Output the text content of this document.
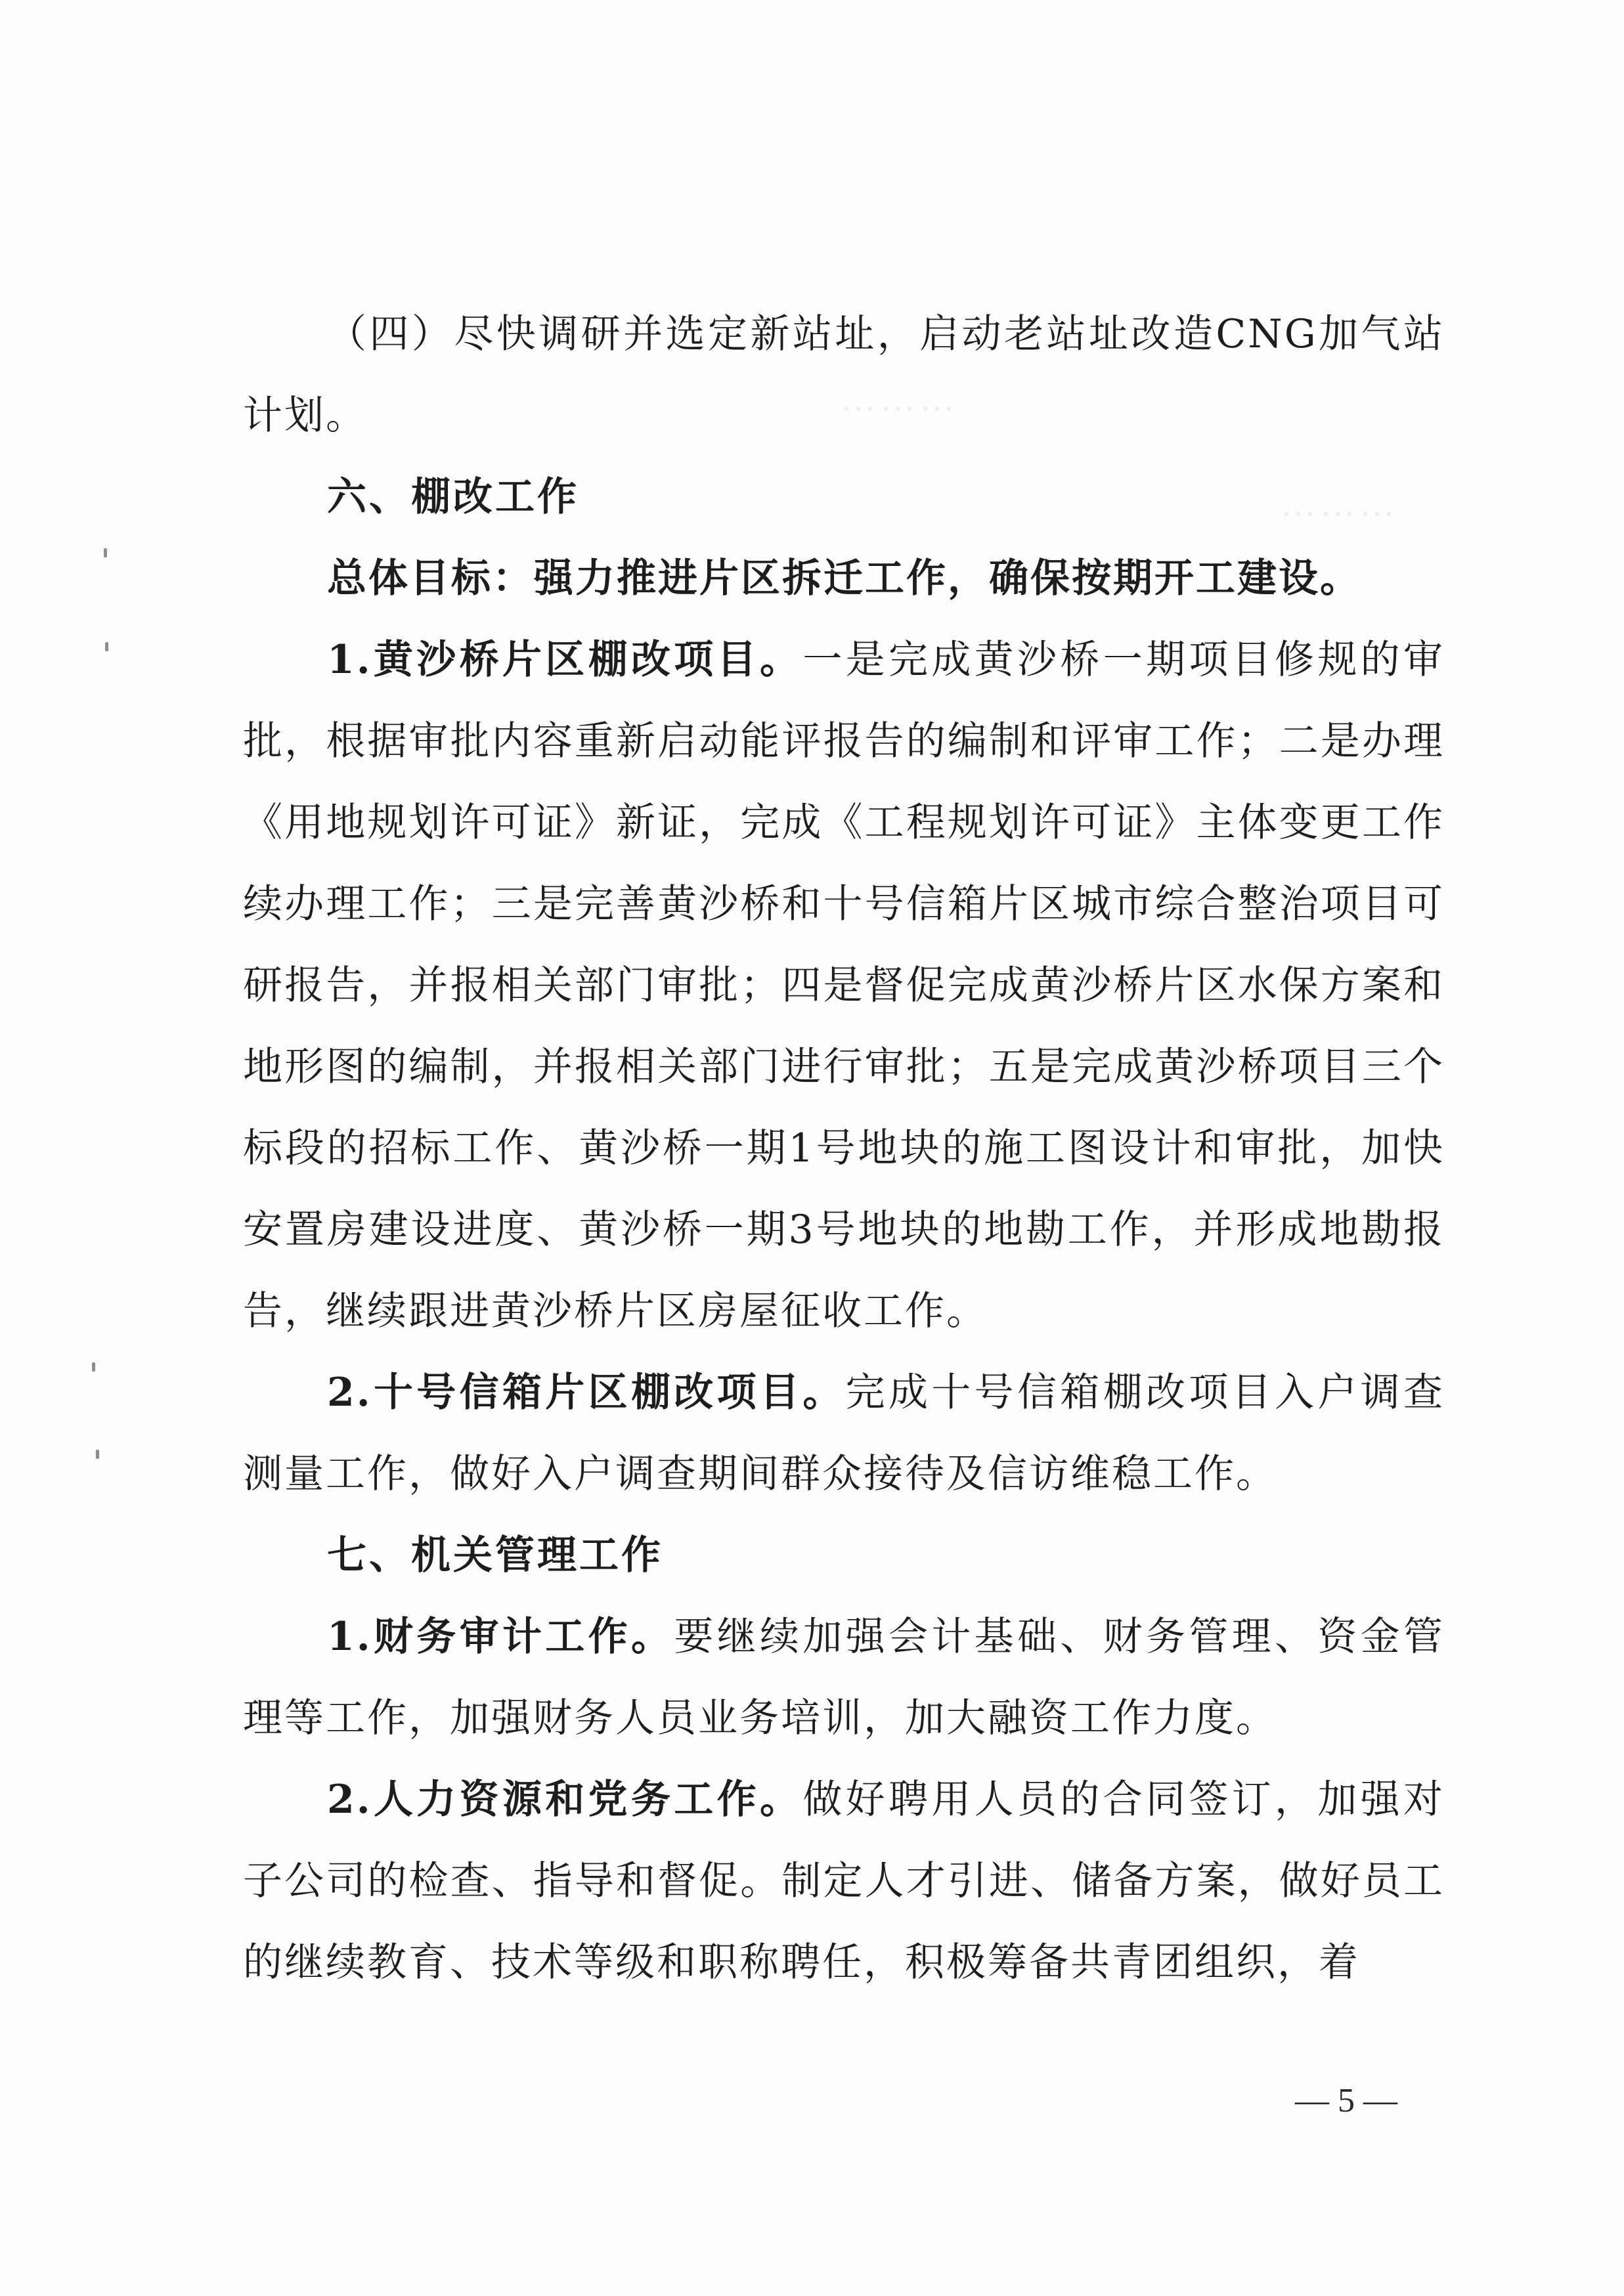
………
………

（四）尽快调研并选定新站址，启动老站址改造CNG加气站计划。

六、棚改工作

总体目标：强力推进片区拆迁工作，确保按期开工建设。

1.黄沙桥片区棚改项目。一是完成黄沙桥一期项目修规的审批，根据审批内容重新启动能评报告的编制和评审工作；二是办理《用地规划许可证》新证，完成《工程规划许可证》主体变更工作续办理工作；三是完善黄沙桥和十号信箱片区城市综合整治项目可研报告，并报相关部门审批；四是督促完成黄沙桥片区水保方案和地形图的编制，并报相关部门进行审批；五是完成黄沙桥项目三个标段的招标工作、黄沙桥一期1号地块的施工图设计和审批，加快安置房建设进度、黄沙桥一期3号地块的地勘工作，并形成地勘报告，继续跟进黄沙桥片区房屋征收工作。

2.十号信箱片区棚改项目。完成十号信箱棚改项目入户调查测量工作，做好入户调查期间群众接待及信访维稳工作。

七、机关管理工作

1.财务审计工作。要继续加强会计基础、财务管理、资金管理等工作，加强财务人员业务培训，加大融资工作力度。

2.人力资源和党务工作。做好聘用人员的合同签订，加强对子公司的检查、指导和督促。制定人才引进、储备方案，做好员工的继续教育、技术等级和职称聘任，积极筹备共青团组织，着

— 5 —
